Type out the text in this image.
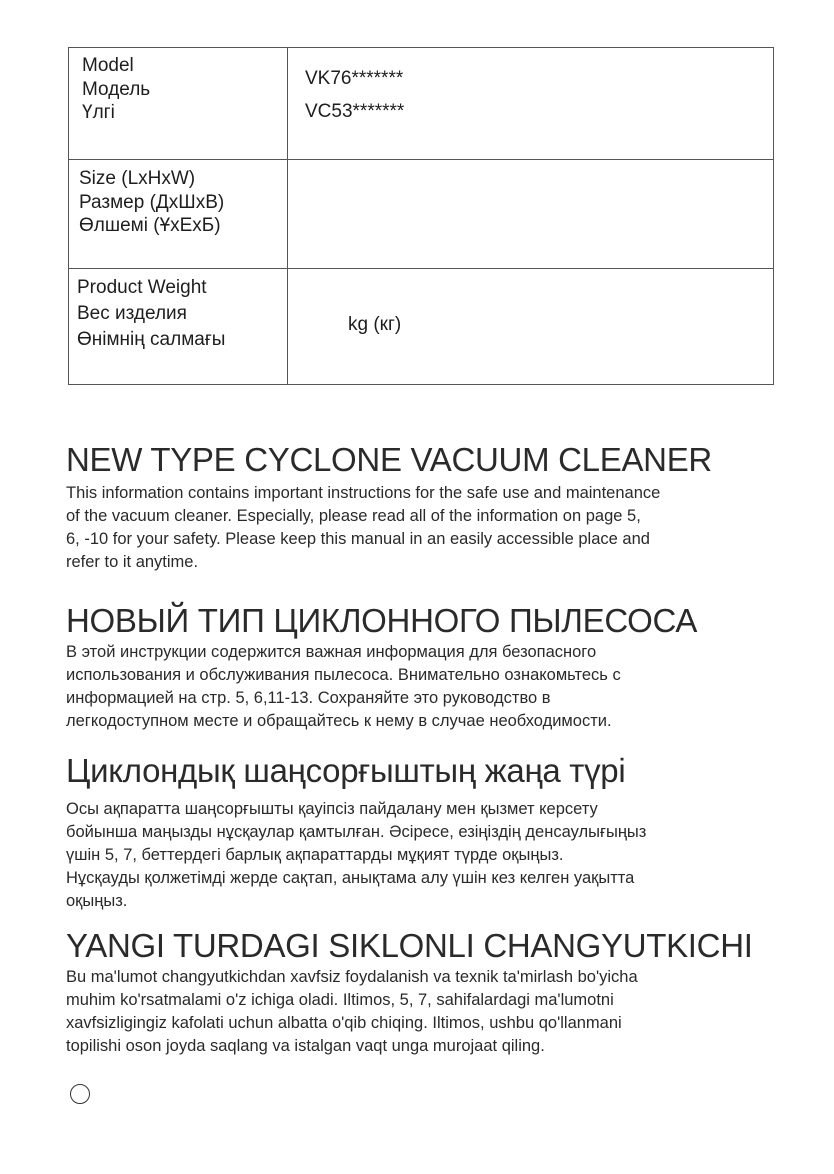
Model
Модель
Үлгі
VK76*******
VC53*******
Size (LxHxW)
Размер (ДхШхВ)
Өлшемі (ҰхЕхБ)
Product Weight
Вес изделия
Өнімнің салмағы
kg (кг)
NEW TYPE CYCLONE VACUUM CLEANER
This information contains important instructions for the safe use and maintenance
of the vacuum cleaner. Especially, please read all of the information on page 5,
6, -10 for your safety. Please keep this manual in an easily accessible place and
refer to it anytime.
НОВЫЙ ТИП ЦИКЛОННОГО ПЫЛЕСОСА
В этой инструкции содержится важная информация для безопасного
использования и обслуживания пылесоса. Внимательно ознакомьтесь с
информацией на стр. 5, 6,11-13. Сохраняйте это руководство в
легкодоступном месте и обращайтесь к нему в случае необходимости.
Циклондық шаңсорғыштың жаңа түрі
Осы ақпаратта шаңсорғышты қауіпсіз пайдалану мен қызмет керсету
бойынша маңызды нұсқаулар қамтылған. Әсіресе, езіңіздің денсаулығыңыз
үшін 5, 7, беттердегі барлық ақпараттарды мұқият түрде оқыңыз.
Нұсқауды қолжетімді жерде сақтап, анықтама алу үшін кез келген уақытта
оқыңыз.
YANGI TURDAGI SIKLONLI CHANGYUTKICHI
Bu ma'lumot changyutkichdan xavfsiz foydalanish va texnik ta'mirlash bo'yicha
muhim ko'rsatmalami o'z ichiga oladi. Iltimos, 5, 7, sahifalardagi ma'lumotni
xavfsizligingiz kafolati uchun albatta o'qib chiqing. Iltimos, ushbu qo'llanmani
topilishi oson joyda saqlang va istalgan vaqt unga murojaat qiling.
